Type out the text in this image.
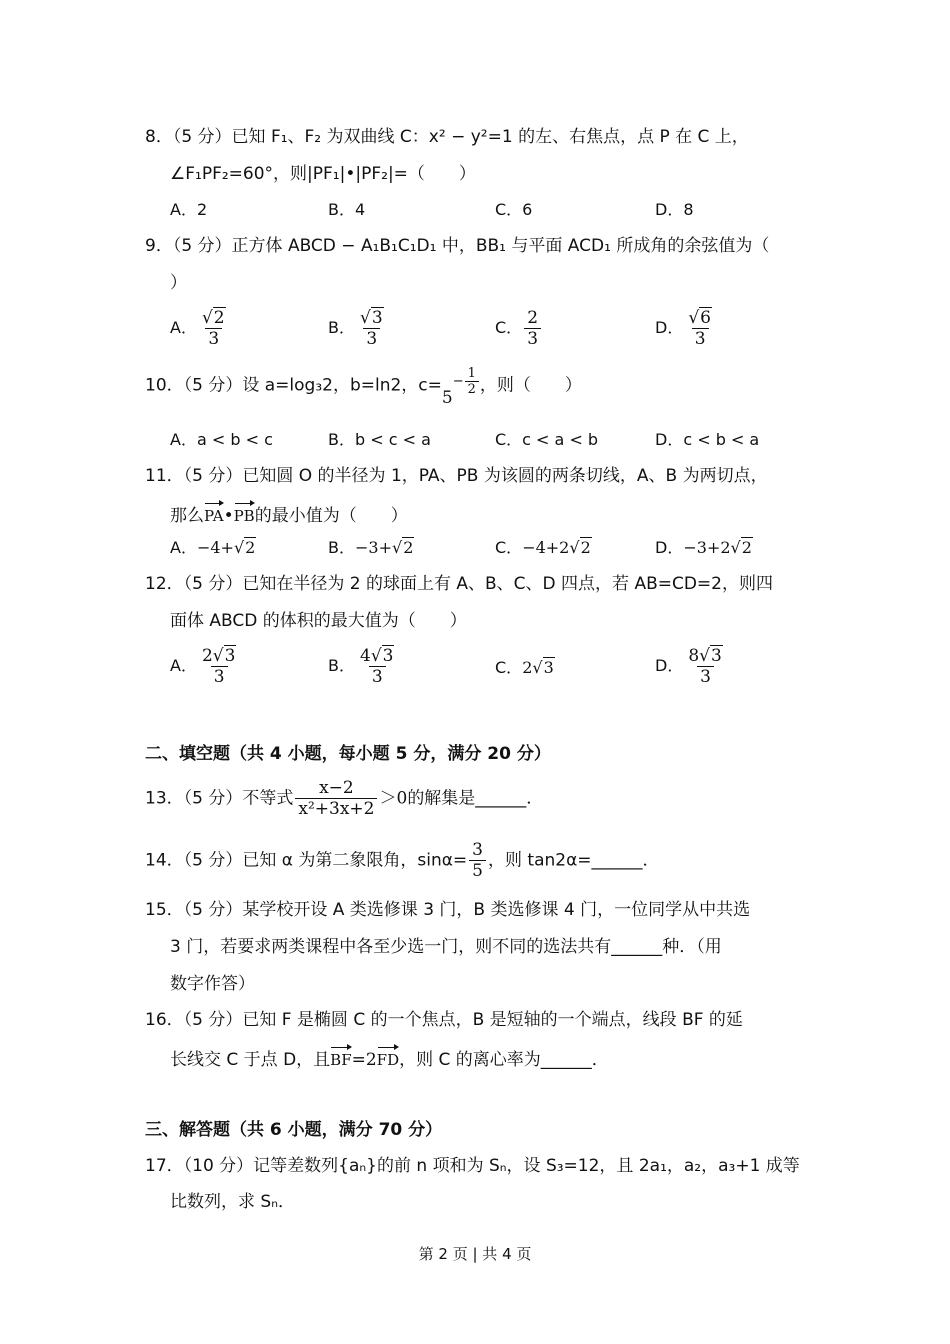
8．（5 分）已知 F₁、F₂ 为双曲线 C：x² − y²=1 的左、右焦点，点 P 在 C 上，
∠F₁PF₂=60°，则|PF₁|•|PF₂|=（　　）
A．2	B．4	C．6	D．8
9．（5 分）正方体 ABCD − A₁B₁C₁D₁ 中，BB₁ 与平面 ACD₁ 所成角的余弦值为（
）
A． $\frac{√2}{3}$	B． $\frac{√3}{3}$	C． $\frac{2}{3}$	D． $\frac{√6}{3}$
10．（5 分）设 a=log₃2，b=ln2，c=5
− $\frac{1}{2}$ ，则（　　）
A．a < b < c	B．b < c < a	C．c < a < b	D．c < b < a
11．（5 分）已知圆 O 的半径为 1，PA、PB 为该圆的两条切线，A、B 为两切点，
那么PA•PB的最小值为（　　）
A．−4+√2	B．−3+√2	C．−4+2√2	D．−3+2√2
12．（5 分）已知在半径为 2 的球面上有 A、B、C、D 四点，若 AB=CD=2，则四
面体 ABCD 的体积的最大值为（　　）
A． $\frac{2√3}{3}$	B． $\frac{4√3}{3}$	C．2√3	D． $\frac{8√3}{3}$
二、填空题（共 4 小题，每小题 5 分，满分 20 分）
13．（5 分）不等式 $\frac{x-2}{\text{x²+3x+2}} >0$的解集是______．
14．（5 分）已知 α 为第二象限角，$\sin\alpha= \frac{3}{5}$ ，则 tan2α=______．
15．（5 分）某学校开设 A 类选修课 3 门，B 类选修课 4 门，一位同学从中共选
3 门，若要求两类课程中各至少选一门，则不同的选法共有______种．（用
数字作答）
16．（5 分）已知 F 是椭圆 C 的一个焦点，B 是短轴的一个端点，线段 BF 的延
长线交 C 于点 D，且BF=2FD，则 C 的离心率为______．
三、解答题（共 6 小题，满分 70 分）
17．（10 分）记等差数列{aₙ}的前 n 项和为 Sₙ，设 S₃=12，且 2a₁，a₂，a₃+1 成等
比数列，求 Sₙ．
第 2 页 | 共 4 页
